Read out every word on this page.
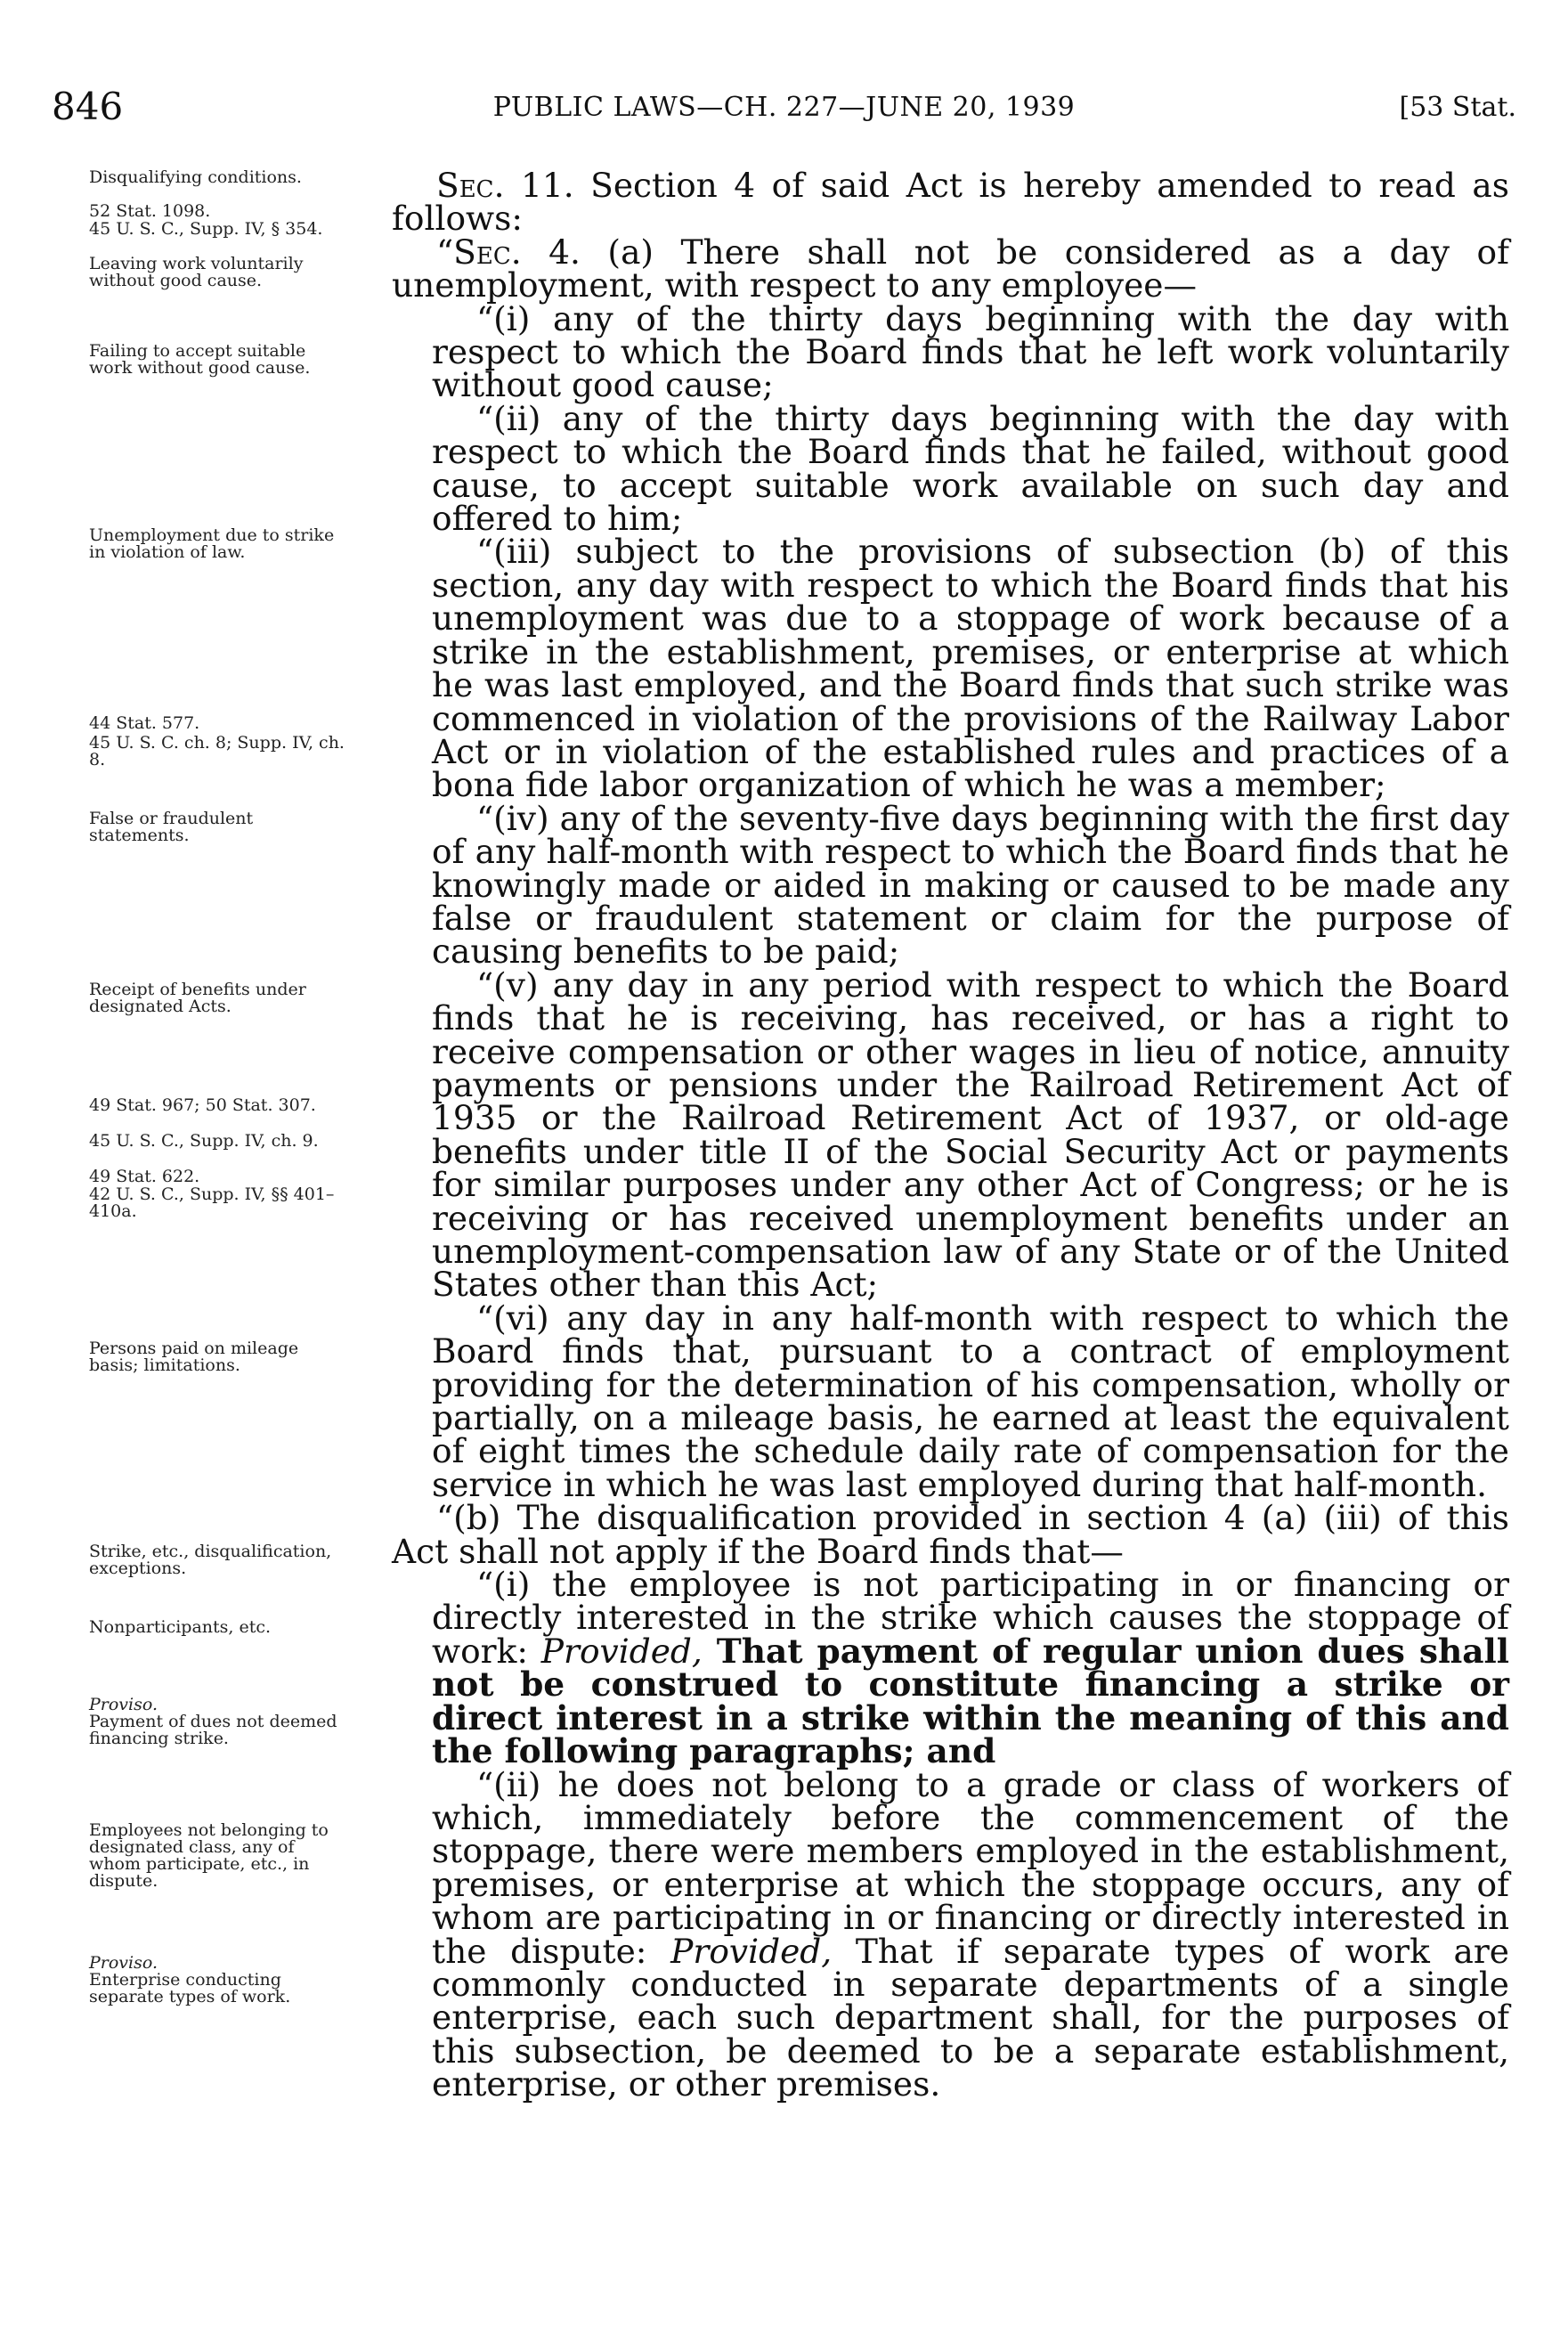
846	PUBLIC LAWS—CH. 227—JUNE 20, 1939	[53 Stat.
Disqualifying conditions.
52 Stat. 1098.
45 U. S. C., Supp. IV, § 354.
Leaving work voluntarily without good cause.
Failing to accept suitable work without good cause.
Unemployment due to strike in violation of law.
44 Stat. 577.
45 U. S. C. ch. 8; Supp. IV, ch. 8.
False or fraudulent statements.
Receipt of benefits under designated Acts.
49 Stat. 967; 50 Stat. 307.
45 U. S. C., Supp. IV, ch. 9.
49 Stat. 622.
42 U. S. C., Supp. IV, §§ 401–410a.
Persons paid on mileage basis; limitations.
Strike, etc., disqualification, exceptions.
Nonparticipants, etc.
Proviso.
Payment of dues not deemed financing strike.
Employees not belonging to designated class, any of whom participate, etc., in dispute.
Proviso.
Enterprise conducting separate types of work.

Sec. 11. Section 4 of said Act is hereby amended to read as follows:

“Sec. 4. (a) There shall not be considered as a day of unemployment, with respect to any employee—

“(i) any of the thirty days beginning with the day with respect to which the Board finds that he left work voluntarily without good cause;

“(ii) any of the thirty days beginning with the day with respect to which the Board finds that he failed, without good cause, to accept suitable work available on such day and offered to him;

“(iii) subject to the provisions of subsection (b) of this section, any day with respect to which the Board finds that his unemployment was due to a stoppage of work because of a strike in the establishment, premises, or enterprise at which he was last employed, and the Board finds that such strike was commenced in violation of the provisions of the Railway Labor Act or in violation of the established rules and practices of a bona fide labor organization of which he was a member;

“(iv) any of the seventy-five days beginning with the first day of any half-month with respect to which the Board finds that he knowingly made or aided in making or caused to be made any false or fraudulent statement or claim for the purpose of causing benefits to be paid;

“(v) any day in any period with respect to which the Board finds that he is receiving, has received, or has a right to receive compensation or other wages in lieu of notice, annuity payments or pensions under the Railroad Retirement Act of 1935 or the Railroad Retirement Act of 1937, or old-age benefits under title II of the Social Security Act or payments for similar purposes under any other Act of Congress; or he is receiving or has received unemployment benefits under an unemployment-compensation law of any State or of the United States other than this Act;

“(vi) any day in any half-month with respect to which the Board finds that, pursuant to a contract of employment providing for the determination of his compensation, wholly or partially, on a mileage basis, he earned at least the equivalent of eight times the schedule daily rate of compensation for the service in which he was last employed during that half-month.

“(b) The disqualification provided in section 4 (a) (iii) of this Act shall not apply if the Board finds that—

“(i) the employee is not participating in or financing or directly interested in the strike which causes the stoppage of work: Provided, That payment of regular union dues shall not be construed to constitute financing a strike or direct interest in a strike within the meaning of this and the following paragraphs; and

“(ii) he does not belong to a grade or class of workers of which, immediately before the commencement of the stoppage, there were members employed in the establishment, premises, or enterprise at which the stoppage occurs, any of whom are participating in or financing or directly interested in the dispute: Provided, That if separate types of work are commonly conducted in separate departments of a single enterprise, each such department shall, for the purposes of this subsection, be deemed to be a separate establishment, enterprise, or other premises.
